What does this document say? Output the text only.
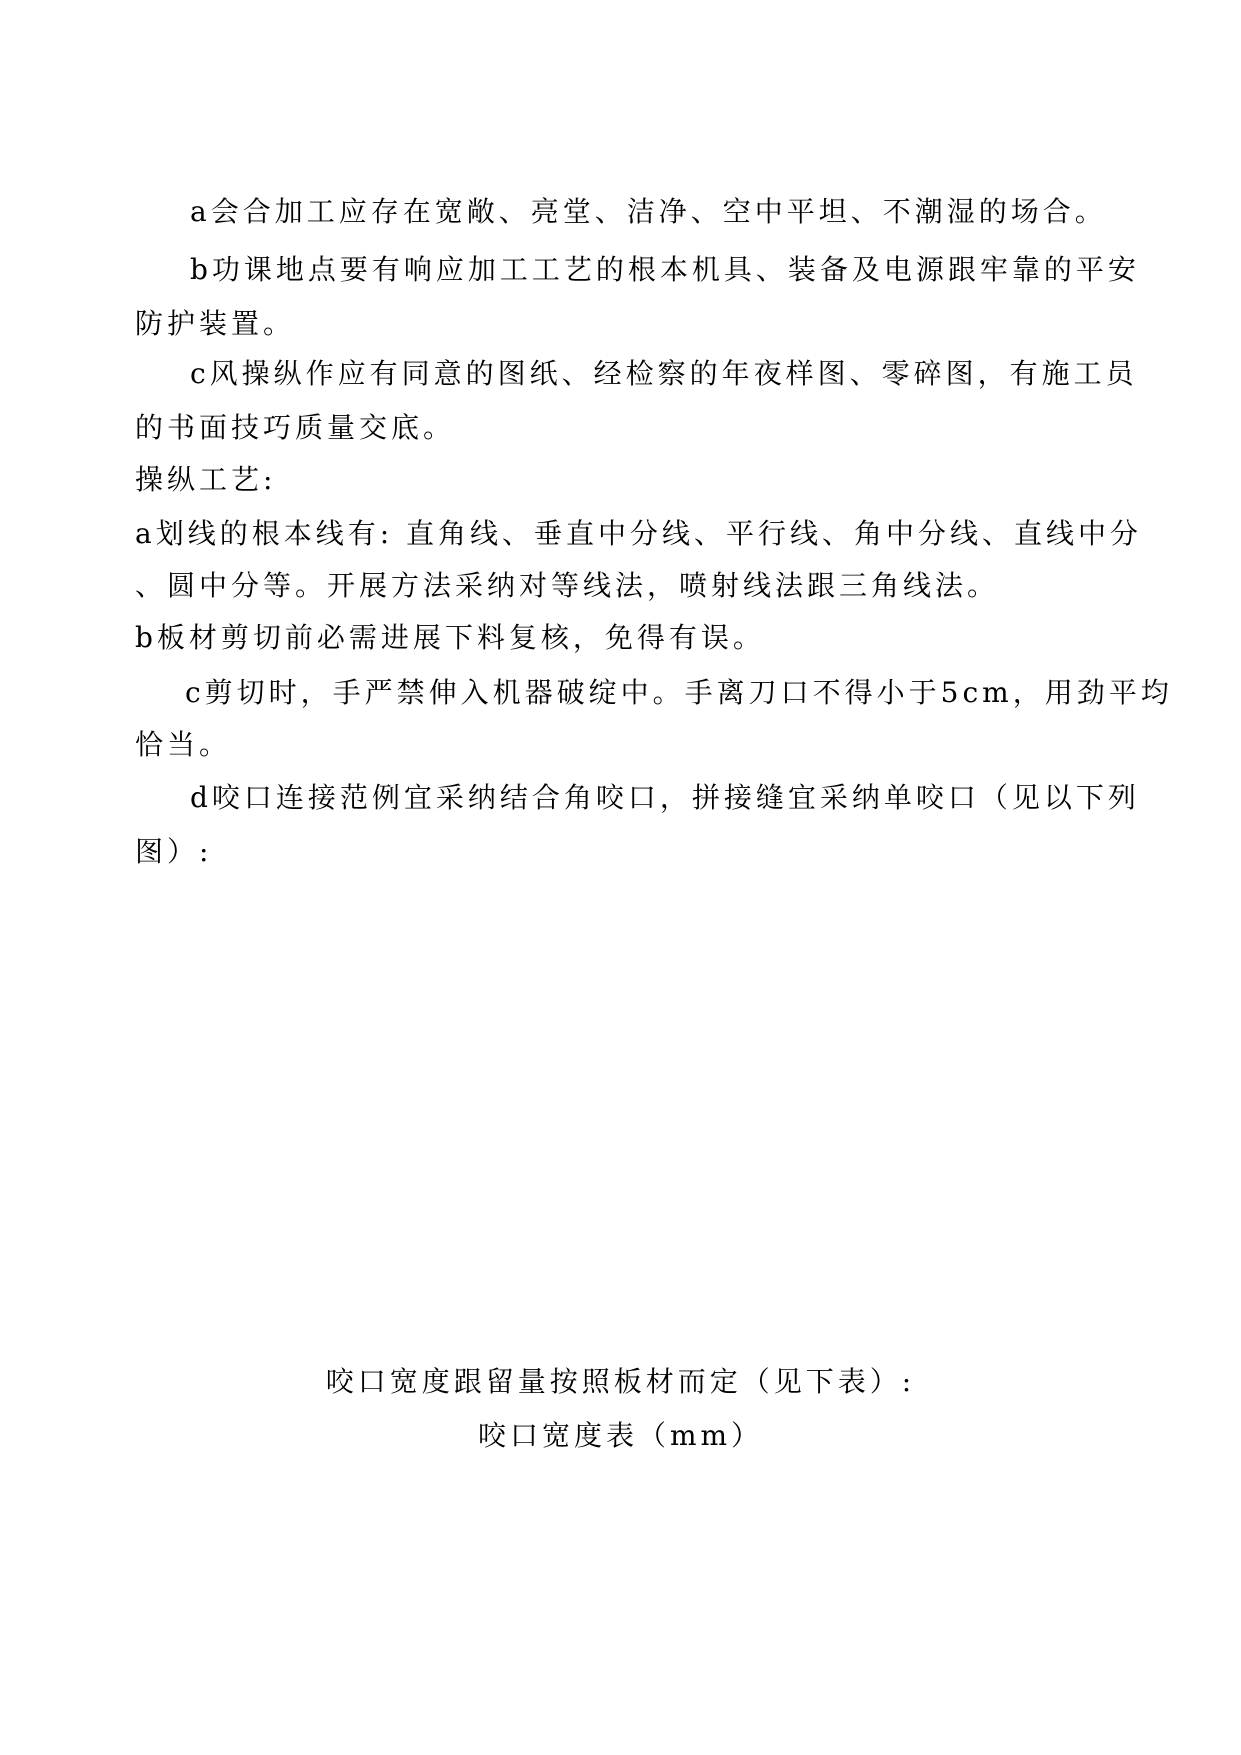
a会合加工应存在宽敞、亮堂、洁净、空中平坦、不潮湿的场合。
b功课地点要有响应加工工艺的根本机具、装备及电源跟牢靠的平安
防护装置。
c风操纵作应有同意的图纸、经检察的年夜样图、零碎图，有施工员
的书面技巧质量交底。
操纵工艺:
a划线的根本线有: 直角线、垂直中分线、平行线、角中分线、直线中分
、圆中分等。开展方法采纳对等线法，喷射线法跟三角线法。
b板材剪切前必需进展下料复核，免得有误。
c剪切时，手严禁伸入机器破绽中。手离刀口不得小于5cm，用劲平均
恰当。
d咬口连接范例宜采纳结合角咬口，拼接缝宜采纳单咬口（见以下列
图）:
咬口宽度跟留量按照板材而定（见下表）:
咬口宽度表（mm）
